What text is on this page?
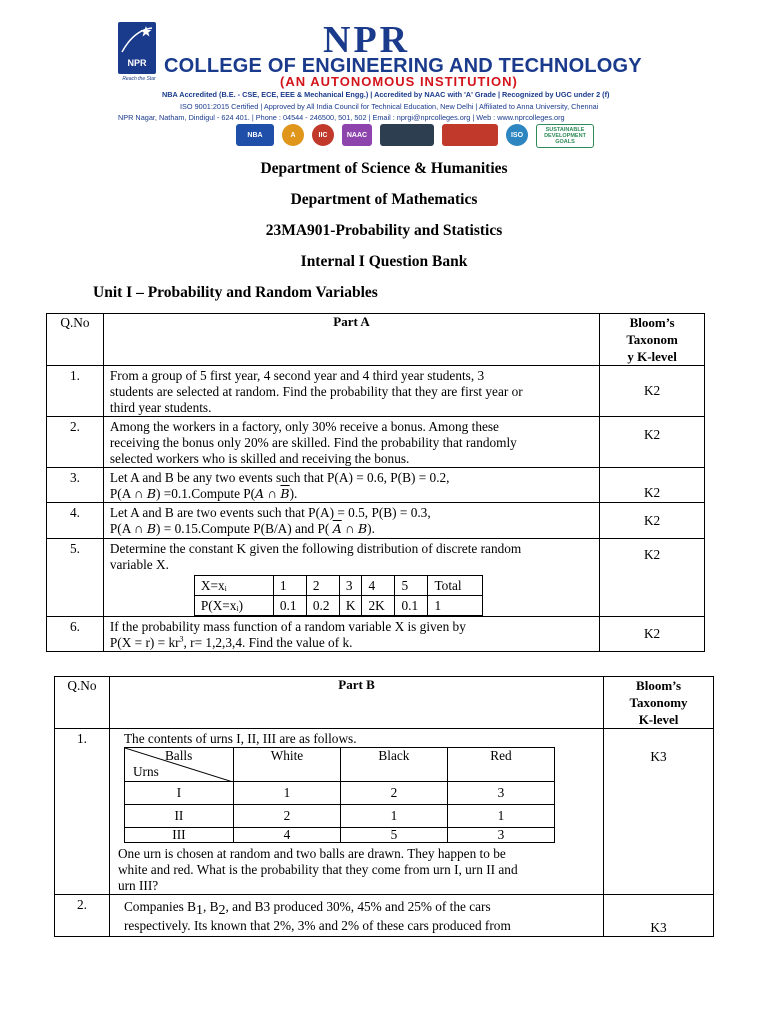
NPR
Reach the Star
NPR
COLLEGE OF ENGINEERING AND TECHNOLOGY
(AN AUTONOMOUS INSTITUTION)
NBA Accredited (B.E. - CSE, ECE, EEE & Mechanical Engg.) | Accredited by NAAC with 'A' Grade | Recognized by UGC under 2 (f)
ISO 9001:2015 Certified | Approved by All India Council for Technical Education, New Delhi | Affiliated to Anna University, Chennai
NPR Nagar, Natham, Dindigul - 624 401. | Phone : 04544 - 246500, 501, 502 | Email : nprgi@nprcolleges.org | Web : www.nprcolleges.org
NBA	A	IIC	NAAC	ISO
SUSTAINABLE DEVELOPMENT GOALS
Department of Science & Humanities
Department of Mathematics
23MA901-Probability and Statistics
Internal I Question Bank
Unit I – Probability and Random Variables
Q.No	Part A	Bloom’s
Taxonom
y K-level

1.	From a group of 5 first year, 4 second year and 4 third year students, 3
students are selected at random. Find the probability that they are first year or
third year students.
	K2
2.	Among the workers in a factory, only 30% receive a bonus. Among these
receiving the bonus only 20% are skilled. Find the probability that randomly
selected workers who is skilled and receiving the bonus.
	K2
3.	Let A and B be any two events such that P(A) = 0.6, P(B) = 0.2,
P(A ∩ B) =0.1.Compute P(A ∩ $\overline{B}$).	K2
4.	Let A and B are two events such that P(A) = 0.5, P(B) = 0.3,
P(A ∩ B) = 0.15.Compute P(B/A) and P( $\overline{A}$ ∩ B).
	K2
5.	Determine the constant K given the following distribution of discrete random
variable X.
X=xᵢ	1	2	3	4	5	Total
P(X=xᵢ)	0.1	0.2	K	2K	0.1	1
	K2
6.	If the probability mass function of a random variable X is given by
$P(X = r) = kr^3$, r= 1,2,3,4. Find the value of k.
	K2
Q.No	Part B	Bloom’s
Taxonomy
K-level

1.	The contents of urns I, II, III are as follows.
Balls
Urns
	White	Black	Red
I	1	2	3
II	2	1	1
III	4	5	3
One urn is chosen at random and two balls are drawn. They happen to be
white and red. What is the probability that they come from urn I, urn II and
urn III?
	K3
2.	Companies $B_1$, $B_2$, and B3 produced 30%, 45% and 25% of the cars
respectively. Its known that 2%, 3% and 2% of these cars produced from	K3
